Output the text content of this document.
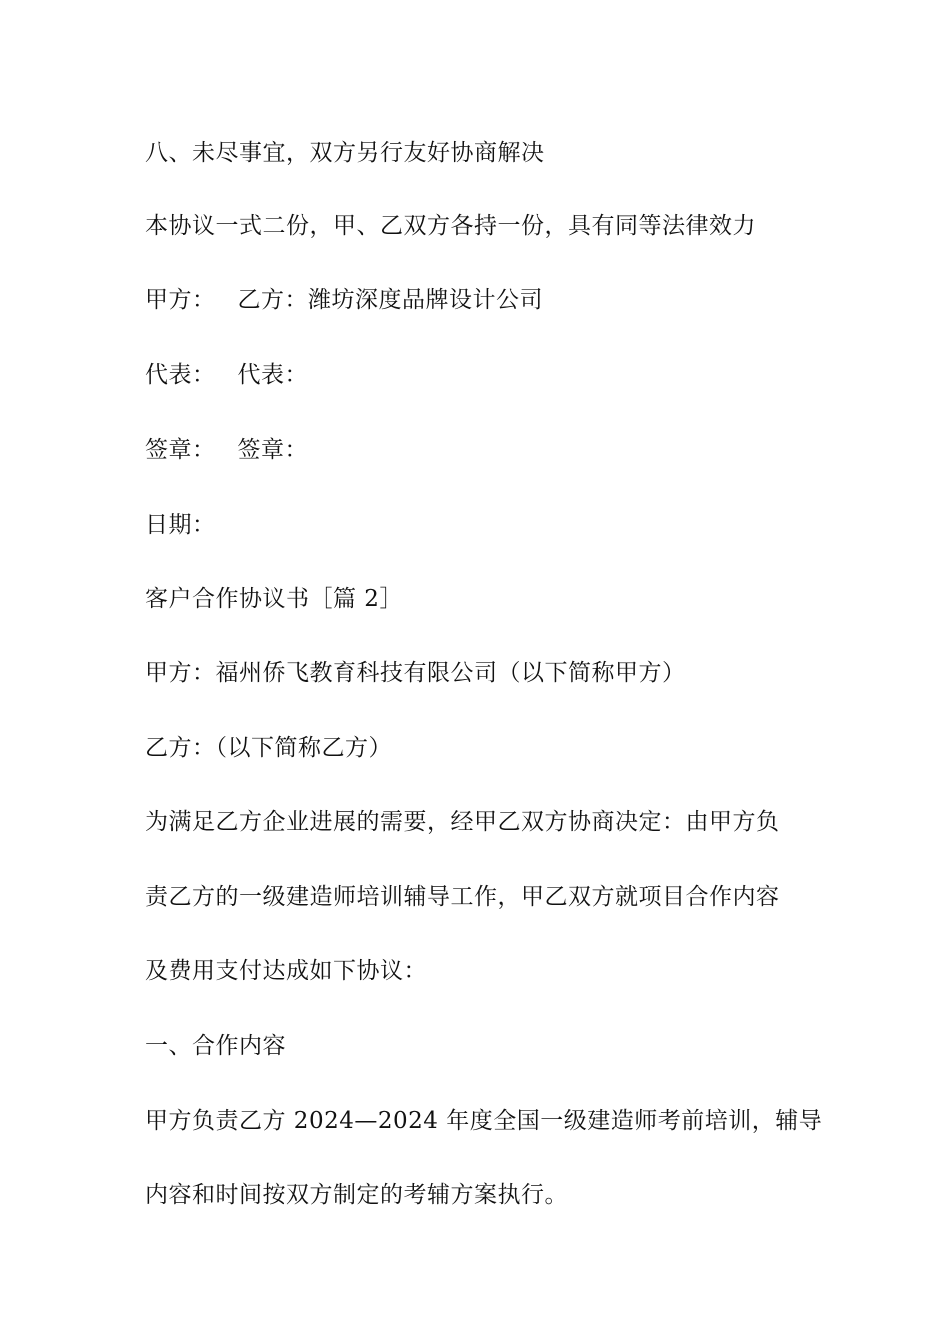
八、未尽事宜，双方另行友好协商解决
本协议一式二份，甲、乙双方各持一份，具有同等法律效力
甲方： 乙方：潍坊深度品牌设计公司
代表： 代表：
签章： 签章：
日期：
客户合作协议书［篇 2］
甲方：福州侨飞教育科技有限公司（以下简称甲方）
乙方：（以下简称乙方）
为满足乙方企业进展的需要，经甲乙双方协商决定：由甲方负
责乙方的一级建造师培训辅导工作，甲乙双方就项目合作内容
及费用支付达成如下协议：
一、合作内容
甲方负责乙方 2024—2024 年度全国一级建造师考前培训，辅导
内容和时间按双方制定的考辅方案执行。
